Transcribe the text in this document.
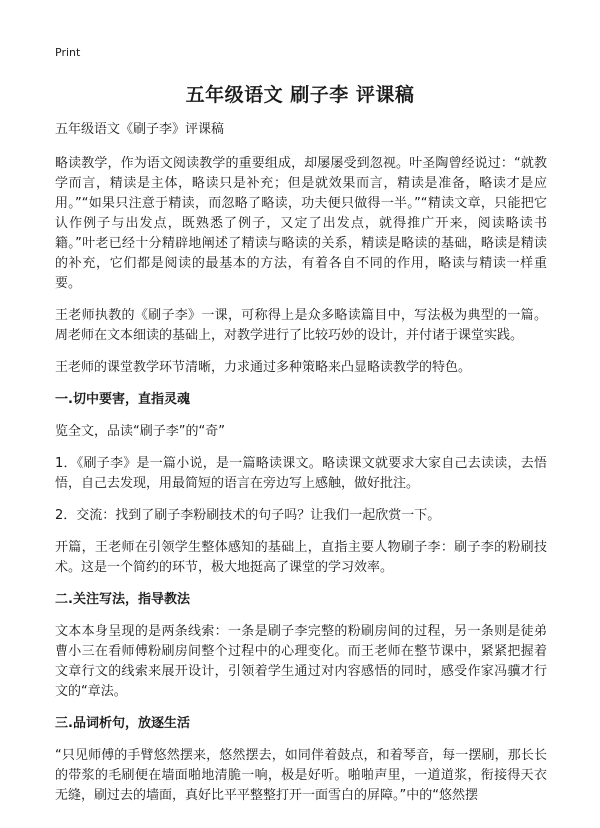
Print
五年级语文 刷子李 评课稿

五年级语文《刷子李》评课稿

略读教学，作为语文阅读教学的重要组成，却屡屡受到忽视。叶圣陶曾经说过：“就教学而言，精读是主体，略读只是补充；但是就效果而言，精读是准备，略读才是应用。”“如果只注意于精读，而忽略了略读，功夫便只做得一半。”“精读文章，只能把它认作例子与出发点，既熟悉了例子，又定了出发点，就得推广开来，阅读略读书籍。”叶老已经十分精辟地阐述了精读与略读的关系，精读是略读的基础，略读是精读的补充，它们都是阅读的最基本的方法，有着各自不同的作用，略读与精读一样重要。

王老师执教的《刷子李》一课，可称得上是众多略读篇目中，写法极为典型的一篇。周老师在文本细读的基础上，对教学进行了比较巧妙的设计，并付诸于课堂实践。

王老师的课堂教学环节清晰，力求通过多种策略来凸显略读教学的特色。

一.切中要害，直指灵魂

览全文，品读“刷子李”的“奇”

1．《刷子李》是一篇小说，是一篇略读课文。略读课文就要求大家自己去读读，去悟悟，自己去发现，用最简短的语言在旁边写上感触，做好批注。

2．交流：找到了刷子李粉刷技术的句子吗？让我们一起欣赏一下。

开篇，王老师在引领学生整体感知的基础上，直指主要人物刷子李：刷子李的粉刷技术。这是一个简约的环节，极大地挺高了课堂的学习效率。

二.关注写法，指导教法

文本本身呈现的是两条线索：一条是刷子李完整的粉刷房间的过程，另一条则是徒弟曹小三在看师傅粉刷房间整个过程中的心理变化。而王老师在整节课中，紧紧把握着文章行文的线索来展开设计，引领着学生通过对内容感悟的同时，感受作家冯骥才行文的“章法。

三.品词析句，放逐生活

“只见师傅的手臂悠然摆来，悠然摆去，如同伴着鼓点，和着琴音，每一摆刷，那长长的带浆的毛刷便在墙面啪地清脆一响，极是好听。啪啪声里，一道道浆，衔接得天衣无缝，刷过去的墙面，真好比平平整整打开一面雪白的屏障。”中的“悠然摆
